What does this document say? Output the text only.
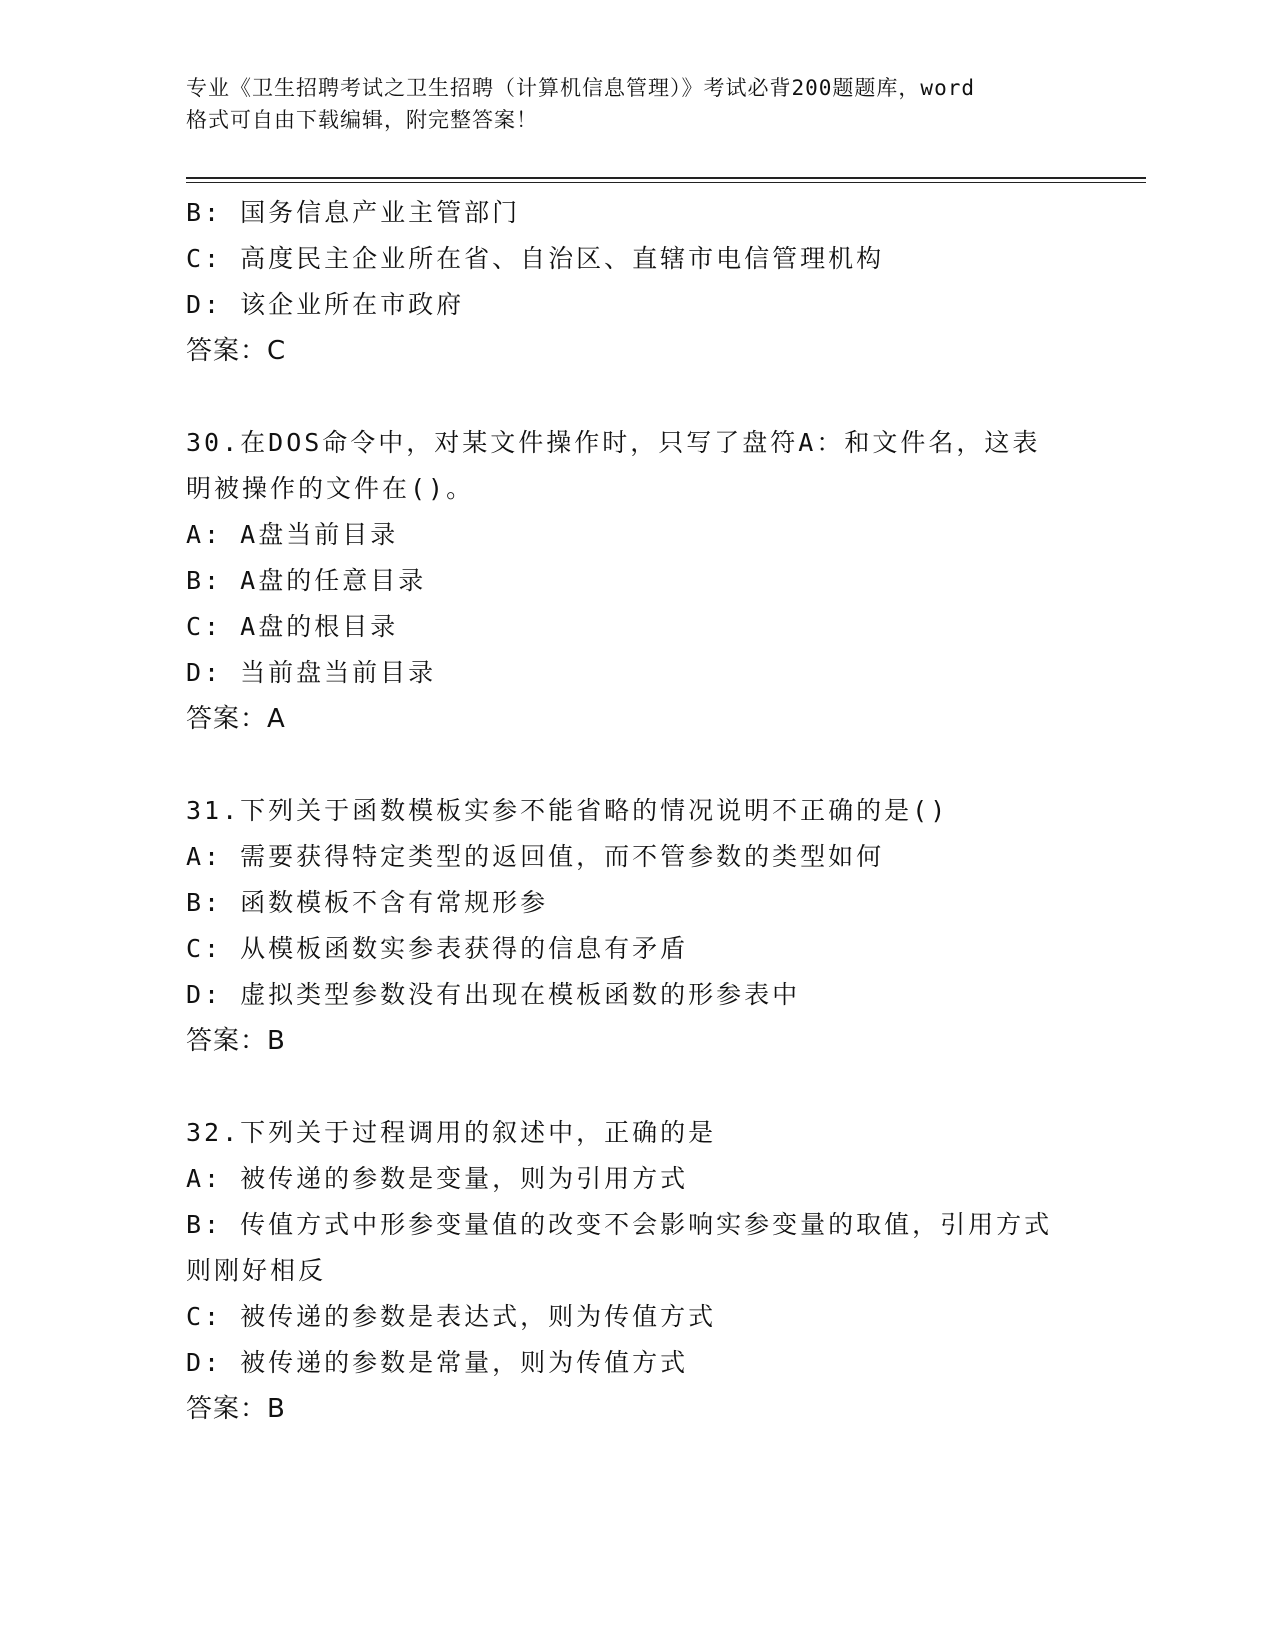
专业《卫生招聘考试之卫生招聘（计算机信息管理）》考试必背200题题库，word
格式可自由下载编辑，附完整答案！
B: 国务信息产业主管部门
C: 高度民主企业所在省、自治区、直辖市电信管理机构
D: 该企业所在市政府
答案：C
30.在DOS命令中，对某文件操作时，只写了盘符A：和文件名，这表
明被操作的文件在()。
A: A盘当前目录
B: A盘的任意目录
C: A盘的根目录
D: 当前盘当前目录
答案：A
31.下列关于函数模板实参不能省略的情况说明不正确的是()
A: 需要获得特定类型的返回值，而不管参数的类型如何
B: 函数模板不含有常规形参
C: 从模板函数实参表获得的信息有矛盾
D: 虚拟类型参数没有出现在模板函数的形参表中
答案：B
32.下列关于过程调用的叙述中，正确的是
A: 被传递的参数是变量，则为引用方式
B: 传值方式中形参变量值的改变不会影响实参变量的取值，引用方式
则刚好相反
C: 被传递的参数是表达式，则为传值方式
D: 被传递的参数是常量，则为传值方式
答案：B
